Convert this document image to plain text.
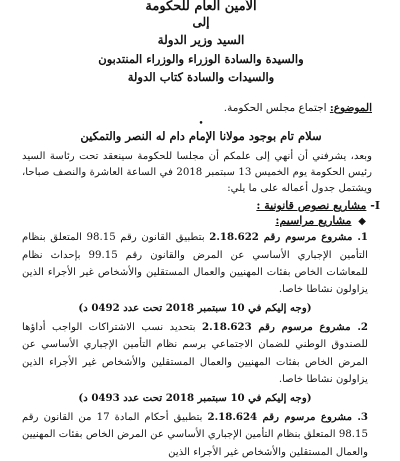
الأمين العام للحكومة
إلى
السيد وزير الدولة
والسيدة والسادة الوزراء والوزراء المنتدبون
والسيدات والسادة كتاب الدولة
الموضوع: اجتماع مجلس الحكومة.
•
سلام تام بوجود مولانا الإمام دام له النصر والتمكين
وبعد، يشرفني أن أنهي إلى علمكم أن مجلسا للحكومة سينعقد تحت رئاسة السيد رئيس الحكومة يوم الخميس 13 سبتمبر 2018 في الساعة العاشرة والنصف صباحا، ويشتمل جدول أعماله على ما يلي:
I- مشاريع نصوص قانونية :
◆ مشاريع مراسيم:
1. مشروع مرسوم رقم 2.18.622 بتطبيق القانون رقم 98.15 المتعلق بنظام التأمين الإجباري الأساسي عن المرض والقانون رقم 99.15 بإحداث نظام للمعاشات الخاص بفئات المهنيين والعمال المستقلين والأشخاص غير الأجراء الذين يزاولون نشاطا خاصا.
(وجه إليكم في 10 سبتمبر 2018 تحت عدد 0492 د)
2. مشروع مرسوم رقم 2.18.623 بتحديد نسب الاشتراكات الواجب أداؤها للصندوق الوطني للضمان الاجتماعي برسم نظام التأمين الإجباري الأساسي عن المرض الخاص بفئات المهنيين والعمال المستقلين والأشخاص غير الأجراء الذين يزاولون نشاطا خاصا.
(وجه إليكم في 10 سبتمبر 2018 تحت عدد 0493 د)
3. مشروع مرسوم رقم 2.18.624 بتطبيق أحكام المادة 17 من القانون رقم 98.15 المتعلق بنظام التأمين الإجباري الأساسي عن المرض الخاص بفئات المهنيين والعمال المستقلين والأشخاص غير الأجراء الذين
